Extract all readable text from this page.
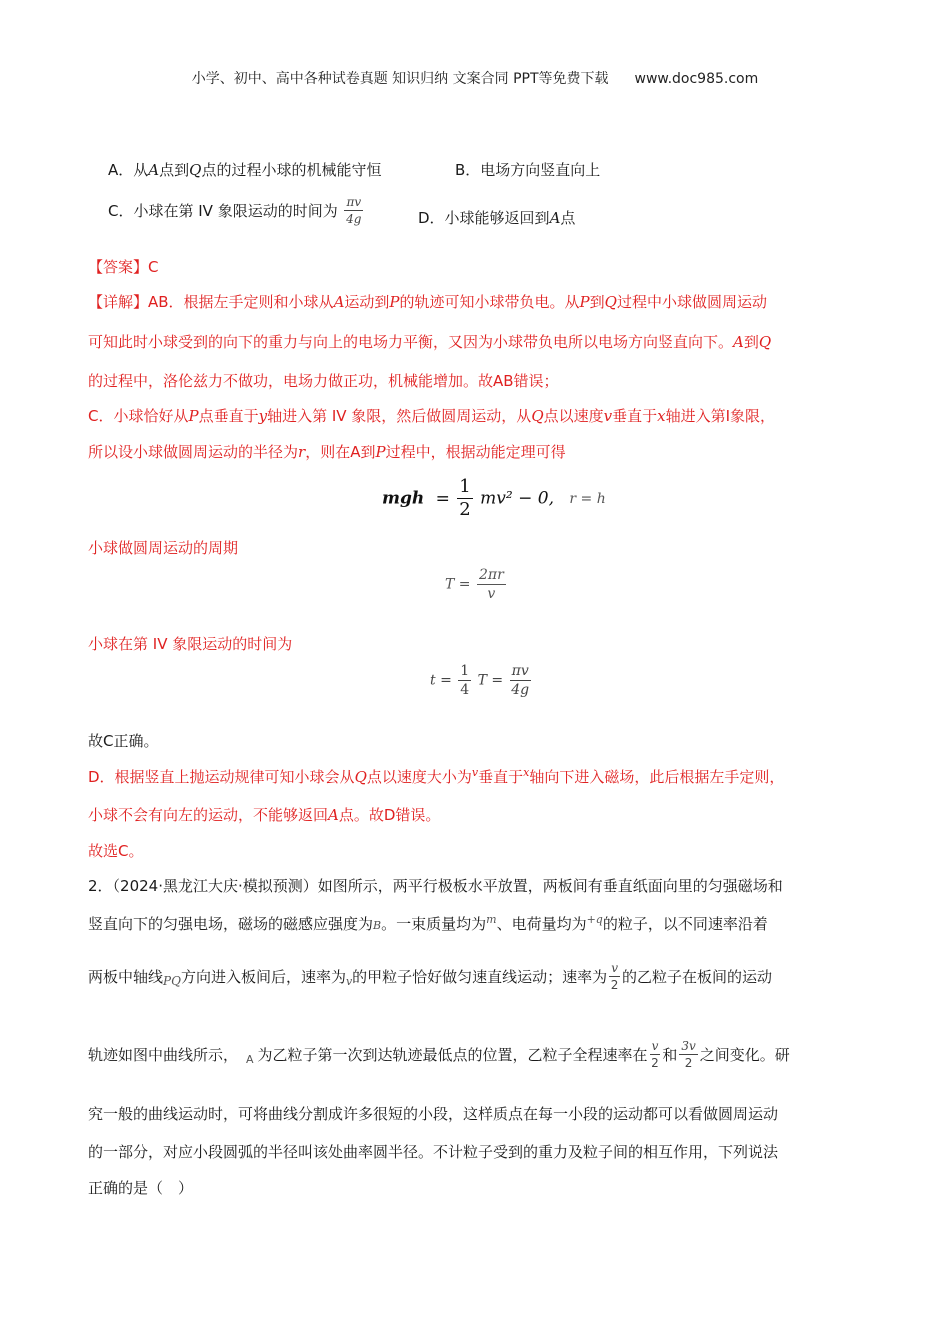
小学、初中、高中各种试卷真题 知识归纳 文案合同 PPT等免费下载 www.doc985.com
A．从A点到Q点的过程小球的机械能守恒	B．电场方向竖直向上
C．小球在第 IV 象限运动的时间为 $\frac{\pi v}{4g}$	D．小球能够返回到A点
【答案】C
【详解】AB．根据左手定则和小球从A运动到P的轨迹可知小球带负电。从P到Q过程中小球做圆周运动
可知此时小球受到的向下的重力与向上的电场力平衡，又因为小球带负电所以电场方向竖直向下。A到Q
的过程中，洛伦兹力不做功，电场力做正功，机械能增加。故AB错误；
C．小球恰好从P点垂直于y轴进入第 IV 象限，然后做圆周运动，从Q点以速度v垂直于x轴进入第Ⅰ象限，
所以设小球做圆周运动的半径为r，则在A到P过程中，根据动能定理可得
mgh = $\frac{1}{2} mv^2 - 0$, r = h
小球做圆周运动的周期
$T = \frac{2\pi r}{v}$
小球在第 IV 象限运动的时间为
$t = \frac{1}{4}$ $T = \frac{\pi v}{4g}$
故C正确。
D．根据竖直上抛运动规律可知小球会从Q点以速度大小为$^v$垂直于$^x$轴向下进入磁场，此后根据左手定则，
小球不会有向左的运动，不能够返回A点。故D错误。
故选C。
2．（2024·黑龙江大庆·模拟预测）如图所示，两平行极板水平放置，两板间有垂直纸面向里的匀强磁场和
竖直向下的匀强电场，磁场的磁感应强度为B。一束质量均为$^m$、电荷量均为$^{+q}$的粒子，以不同速率沿着
两板中轴线$_{PQ}$方向进入板间后，速率为$_v$的甲粒子恰好做匀速直线运动；速率为 $\frac{v}{2}$ 的乙粒子在板间的运动
轨迹如图中曲线所示， $_A$ 为乙粒子第一次到达轨迹最低点的位置，乙粒子全程速率在 $\frac{v}{2}$ 和 $\frac{3v}{2}$ 之间变化。研
究一般的曲线运动时，可将曲线分割成许多很短的小段，这样质点在每一小段的运动都可以看做圆周运动
的一部分，对应小段圆弧的半径叫该处曲率圆半径。不计粒子受到的重力及粒子间的相互作用，下列说法
正确的是（　）
